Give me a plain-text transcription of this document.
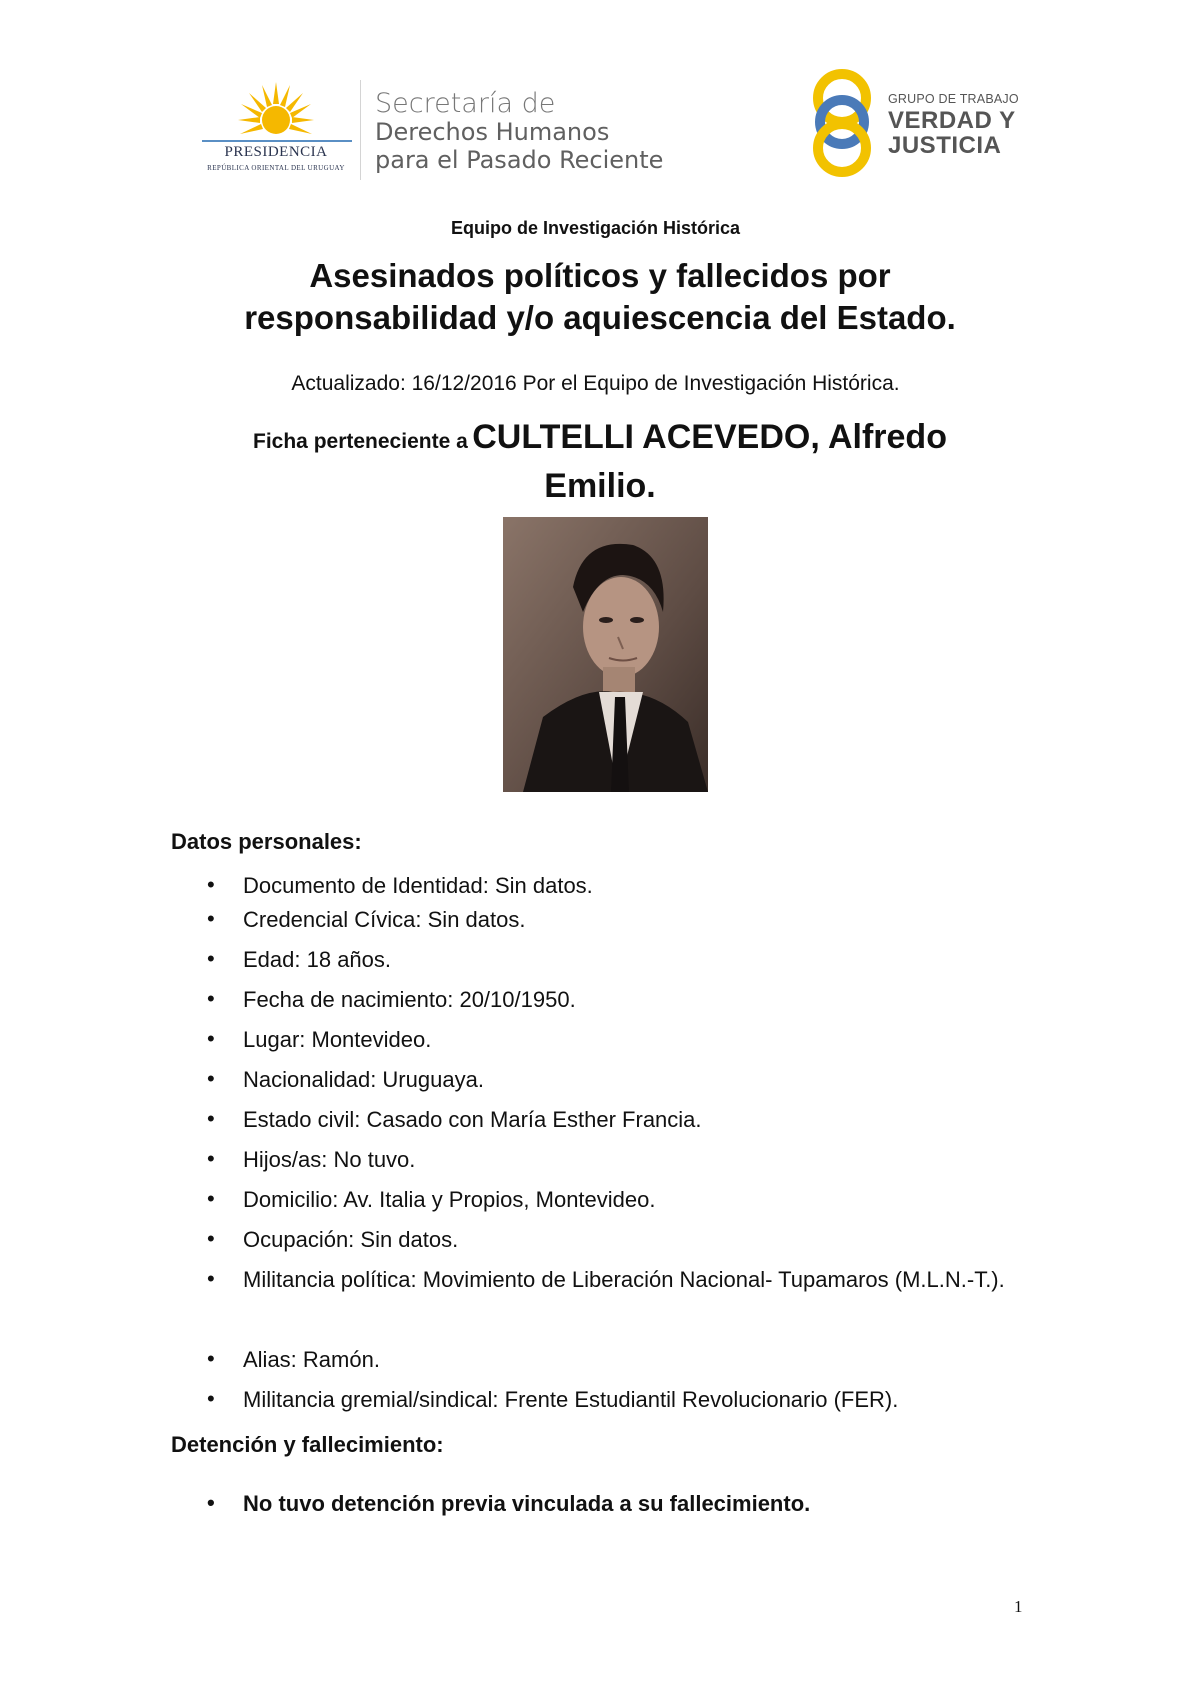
PRESIDENCIA
REPÚBLICA ORIENTAL DEL URUGUAY
Secretaría de
Derechos Humanos
para el Pasado Reciente
GRUPO DE TRABAJO
VERDAD Y
JUSTICIA
Equipo de Investigación Histórica
Asesinados políticos y fallecidos por
responsabilidad y/o aquiescencia del Estado.
Actualizado: 16/12/2016 Por el Equipo de Investigación Histórica.
Ficha perteneciente a CULTELLI ACEVEDO, Alfredo
Emilio.
Datos personales:
• Documento de Identidad: Sin datos.
• Credencial Cívica: Sin datos.
• Edad: 18 años.
• Fecha de nacimiento: 20/10/1950.
• Lugar: Montevideo.
• Nacionalidad: Uruguaya.
• Estado civil: Casado con María Esther Francia.
• Hijos/as: No tuvo.
• Domicilio: Av. Italia y Propios, Montevideo.
• Ocupación: Sin datos.
• Militancia política: Movimiento de Liberación Nacional- Tupamaros (M.L.N.-T.).
• Alias: Ramón.
• Militancia gremial/sindical: Frente Estudiantil Revolucionario (FER).
Detención y fallecimiento:
• No tuvo detención previa vinculada a su fallecimiento.
1
